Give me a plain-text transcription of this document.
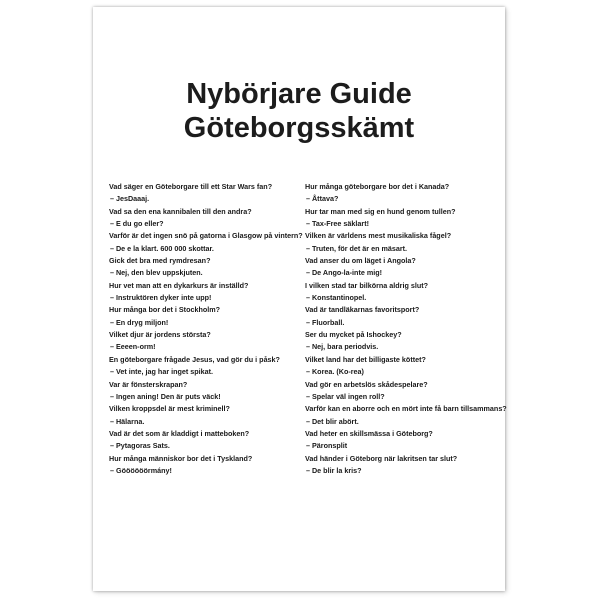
Nybörjare Guide
Göteborgsskämt
Vad säger en Göteborgare till ett Star Wars fan?
– JesDaaaj.
Vad sa den ena kannibalen till den andra?
– E du go eller?
Varför är det ingen snö på gatorna i Glasgow på vintern?
– De e la klart. 600 000 skottar.
Gick det bra med rymdresan?
– Nej, den blev uppskjuten.
Hur vet man att en dykarkurs är inställd?
– Instruktören dyker inte upp!
Hur många bor det i Stockholm?
– En dryg miljon!
Vilket djur är jordens största?
– Eeeen-orm!
En göteborgare frågade Jesus, vad gör du i påsk?
– Vet inte, jag har inget spikat.
Var är fönsterskrapan?
– Ingen aning! Den är puts väck!
Vilken kroppsdel är mest kriminell?
– Hälarna.
Vad är det som är kladdigt i matteboken?
– Pytagoras Sats.
Hur många människor bor det i Tyskland?
– Göööööörmány!
Hur många göteborgare bor det i Kanada?
– Åttava?
Hur tar man med sig en hund genom tullen?
– Tax-Free säklart!
Vilken är världens mest musikaliska fågel?
– Truten, för det är en mäsart.
Vad anser du om läget i Angola?
– De Ango-la-inte mig!
I vilken stad tar bilkörna aldrig slut?
– Konstantinopel.
Vad är tandläkarnas favoritsport?
– Fluorball.
Ser du mycket på Ishockey?
– Nej, bara periodvis.
Vilket land har det billigaste köttet?
– Korea. (Ko-rea)
Vad gör en arbetslös skådespelare?
– Spelar väl ingen roll?
Varför kan en aborre och en mört inte få barn tillsammans?
– Det blir abört.
Vad heter en skillsmässa i Göteborg?
– Päronsplit
Vad händer i Göteborg när lakritsen tar slut?
– De blir la kris?
